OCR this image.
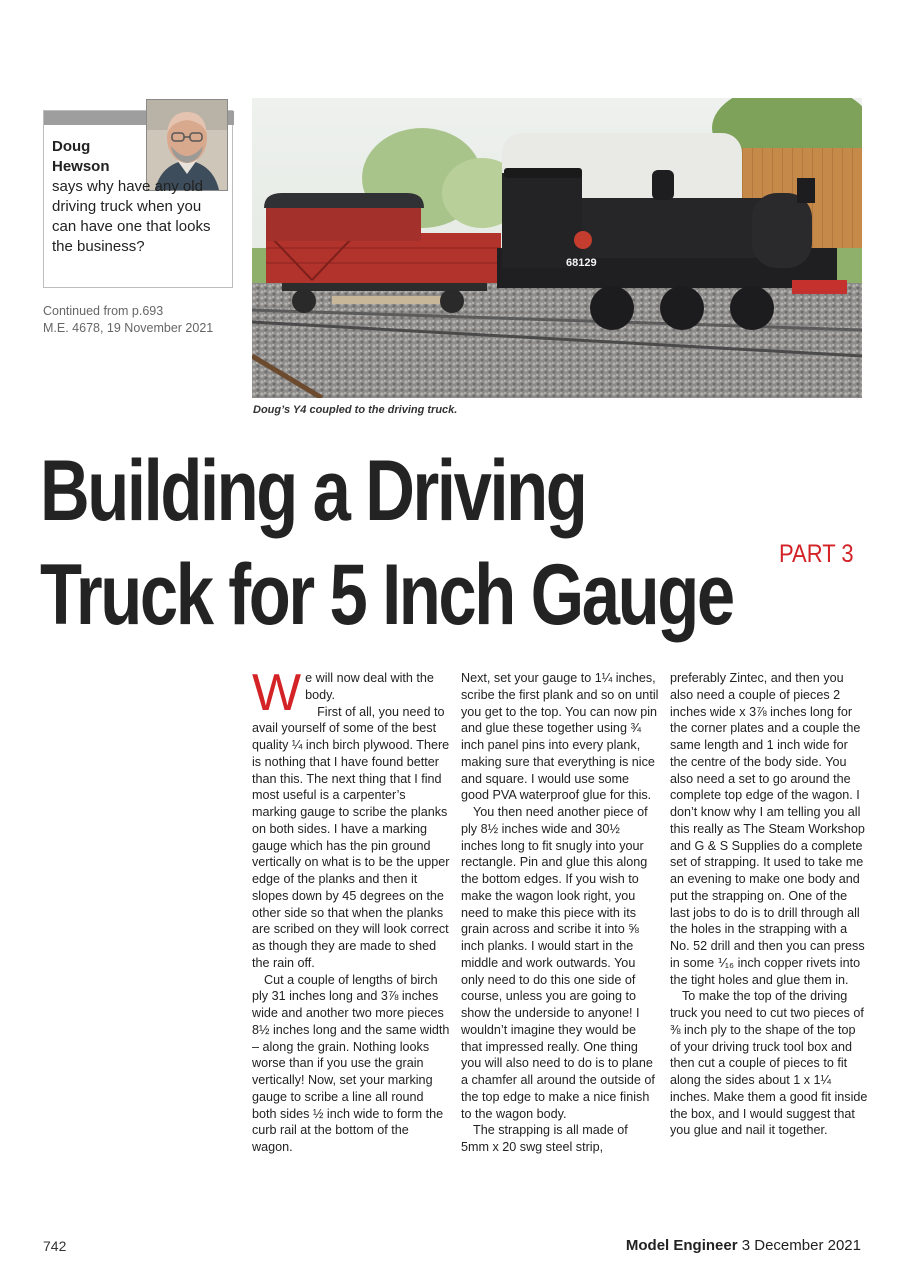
Doug
Hewson
says why have any old driving truck when you can have one that looks the business?
Continued from p.693
M.E. 4678, 19 November 2021
68129
Doug’s Y4 coupled to the driving truck.
Building a Driving
PART 3
Truck for 5 Inch Gauge
W e will now deal with the body.

First of all, you need to avail yourself of some of the best quality ¼ inch birch plywood. There is nothing that I have found better than this. The next thing that I find most useful is a carpenter’s marking gauge to scribe the planks on both sides. I have a marking gauge which has the pin ground vertically on what is to be the upper edge of the planks and then it slopes down by 45 degrees on the other side so that when the planks are scribed on they will look correct as though they are made to shed the rain off.

Cut a couple of lengths of birch ply 31 inches long and 3⅞ inches wide and another two more pieces 8½ inches long and the same width – along the grain. Nothing looks worse than if you use the grain vertically! Now, set your marking gauge to scribe a line all round both sides ½ inch wide to form the curb rail at the bottom of the wagon.

Next, set your gauge to 1¼ inches, scribe the first plank and so on until you get to the top. You can now pin and glue these together using ¾ inch panel pins into every plank, making sure that everything is nice and square. I would use some good PVA waterproof glue for this.

You then need another piece of ply 8½ inches wide and 30½ inches long to fit snugly into your rectangle. Pin and glue this along the bottom edges. If you wish to make the wagon look right, you need to make this piece with its grain across and scribe it into ⅝ inch planks. I would start in the middle and work outwards. You only need to do this one side of course, unless you are going to show the underside to anyone! I wouldn’t imagine they would be that impressed really. One thing you will also need to do is to plane a chamfer all around the outside of the top edge to make a nice finish to the wagon body.

The strapping is all made of 5mm x 20 swg steel strip,

preferably Zintec, and then you also need a couple of pieces 2 inches wide x 3⅞ inches long for the corner plates and a couple the same length and 1 inch wide for the centre of the body side. You also need a set to go around the complete top edge of the wagon. I don’t know why I am telling you all this really as The Steam Workshop and G & S Supplies do a complete set of strapping. It used to take me an evening to make one body and put the strapping on. One of the last jobs to do is to drill through all the holes in the strapping with a No. 52 drill and then you can press in some ⅟₁₆ inch copper rivets into the tight holes and glue them in.

To make the top of the driving truck you need to cut two pieces of ⅜ inch ply to the shape of the top of your driving truck tool box and then cut a couple of pieces to fit along the sides about 1 x 1¼ inches. Make them a good fit inside the box, and I would suggest that you glue and nail it together.

742	Model Engineer 3 December 2021
